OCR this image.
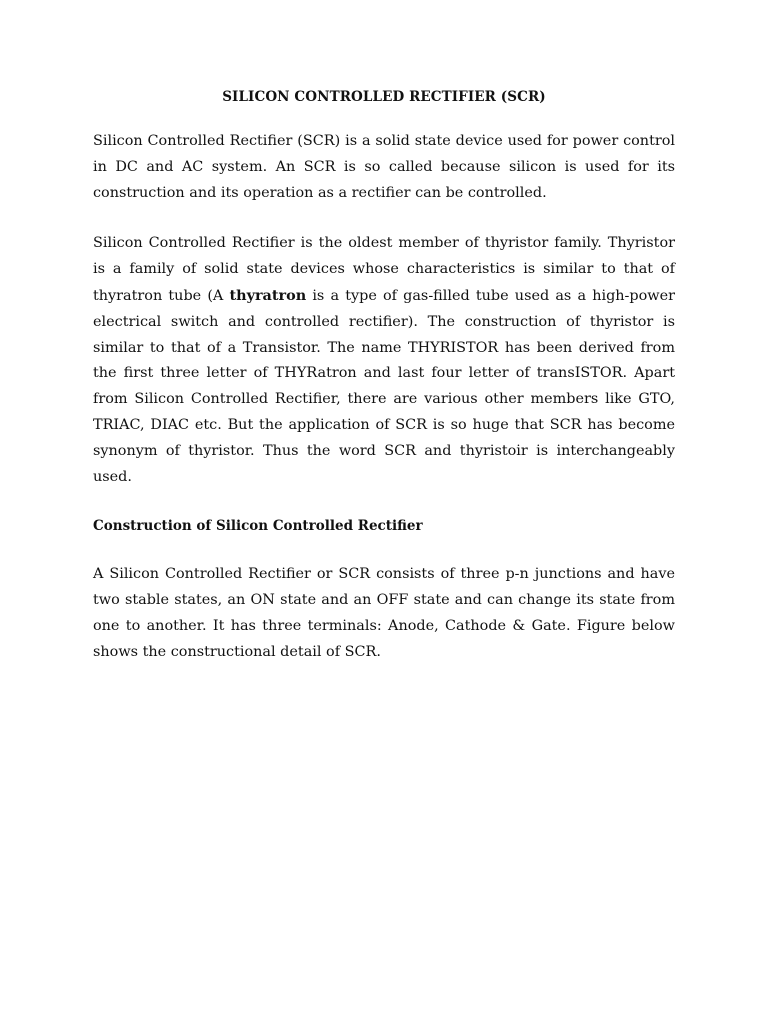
SILICON CONTROLLED RECTIFIER (SCR)

Silicon Controlled Rectifier (SCR) is a solid state device used for power control in DC and AC system. An SCR is so called because silicon is used for its construction and its operation as a rectifier can be controlled.

Silicon Controlled Rectifier is the oldest member of thyristor family. Thyristor is a family of solid state devices whose characteristics is similar to that of thyratron tube (A thyratron is a type of gas-filled tube used as a high-power electrical switch and controlled rectifier). The construction of thyristor is similar to that of a Transistor. The name THYRISTOR has been derived from the first three letter of THYRatron and last four letter of transISTOR. Apart from Silicon Controlled Rectifier, there are various other members like GTO, TRIAC, DIAC etc. But the application of SCR is so huge that SCR has become synonym of thyristor. Thus the word SCR and thyristoir is interchangeably used.

Construction of Silicon Controlled Rectifier

A Silicon Controlled Rectifier or SCR consists of three p-n junctions and have two stable states, an ON state and an OFF state and can change its state from one to another. It has three terminals: Anode, Cathode & Gate. Figure below shows the constructional detail of SCR.
